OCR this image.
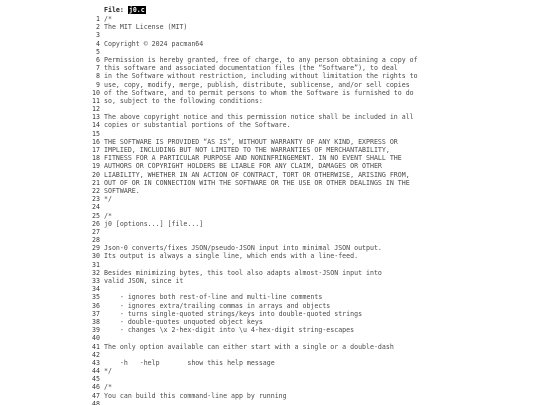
File: j0.c
1 /*
2 The MIT License (MIT)
3
4 Copyright © 2024 pacman64
5
6 Permission is hereby granted, free of charge, to any person obtaining a copy of
7 this software and associated documentation files (the “Software”), to deal
8 in the Software without restriction, including without limitation the rights to
9 use, copy, modify, merge, publish, distribute, sublicense, and/or sell copies
10 of the Software, and to permit persons to whom the Software is furnished to do
11 so, subject to the following conditions:
12
13 The above copyright notice and this permission notice shall be included in all
14 copies or substantial portions of the Software.
15
16 THE SOFTWARE IS PROVIDED “AS IS”, WITHOUT WARRANTY OF ANY KIND, EXPRESS OR
17 IMPLIED, INCLUDING BUT NOT LIMITED TO THE WARRANTIES OF MERCHANTABILITY,
18 FITNESS FOR A PARTICULAR PURPOSE AND NONINFRINGEMENT. IN NO EVENT SHALL THE
19 AUTHORS OR COPYRIGHT HOLDERS BE LIABLE FOR ANY CLAIM, DAMAGES OR OTHER
20 LIABILITY, WHETHER IN AN ACTION OF CONTRACT, TORT OR OTHERWISE, ARISING FROM,
21 OUT OF OR IN CONNECTION WITH THE SOFTWARE OR THE USE OR OTHER DEALINGS IN THE
22 SOFTWARE.
23 */
24
25 /*
26 j0 [options...] [file...]
27
28
29 Json-0 converts/fixes JSON/pseudo-JSON input into minimal JSON output.
30 Its output is always a single line, which ends with a line-feed.
31
32 Besides minimizing bytes, this tool also adapts almost-JSON input into
33 valid JSON, since it
34
35 - ignores both rest-of-line and multi-line comments
36 - ignores extra/trailing commas in arrays and objects
37 - turns single-quoted strings/keys into double-quoted strings
38 - double-quotes unquoted object keys
39 - changes \x 2-hex-digit into \u 4-hex-digit string-escapes
40
41 The only option available can either start with a single or a double-dash
42
43 -h   -help       show this help message
44 */
45
46 /*
47 You can build this command-line app by running
48
